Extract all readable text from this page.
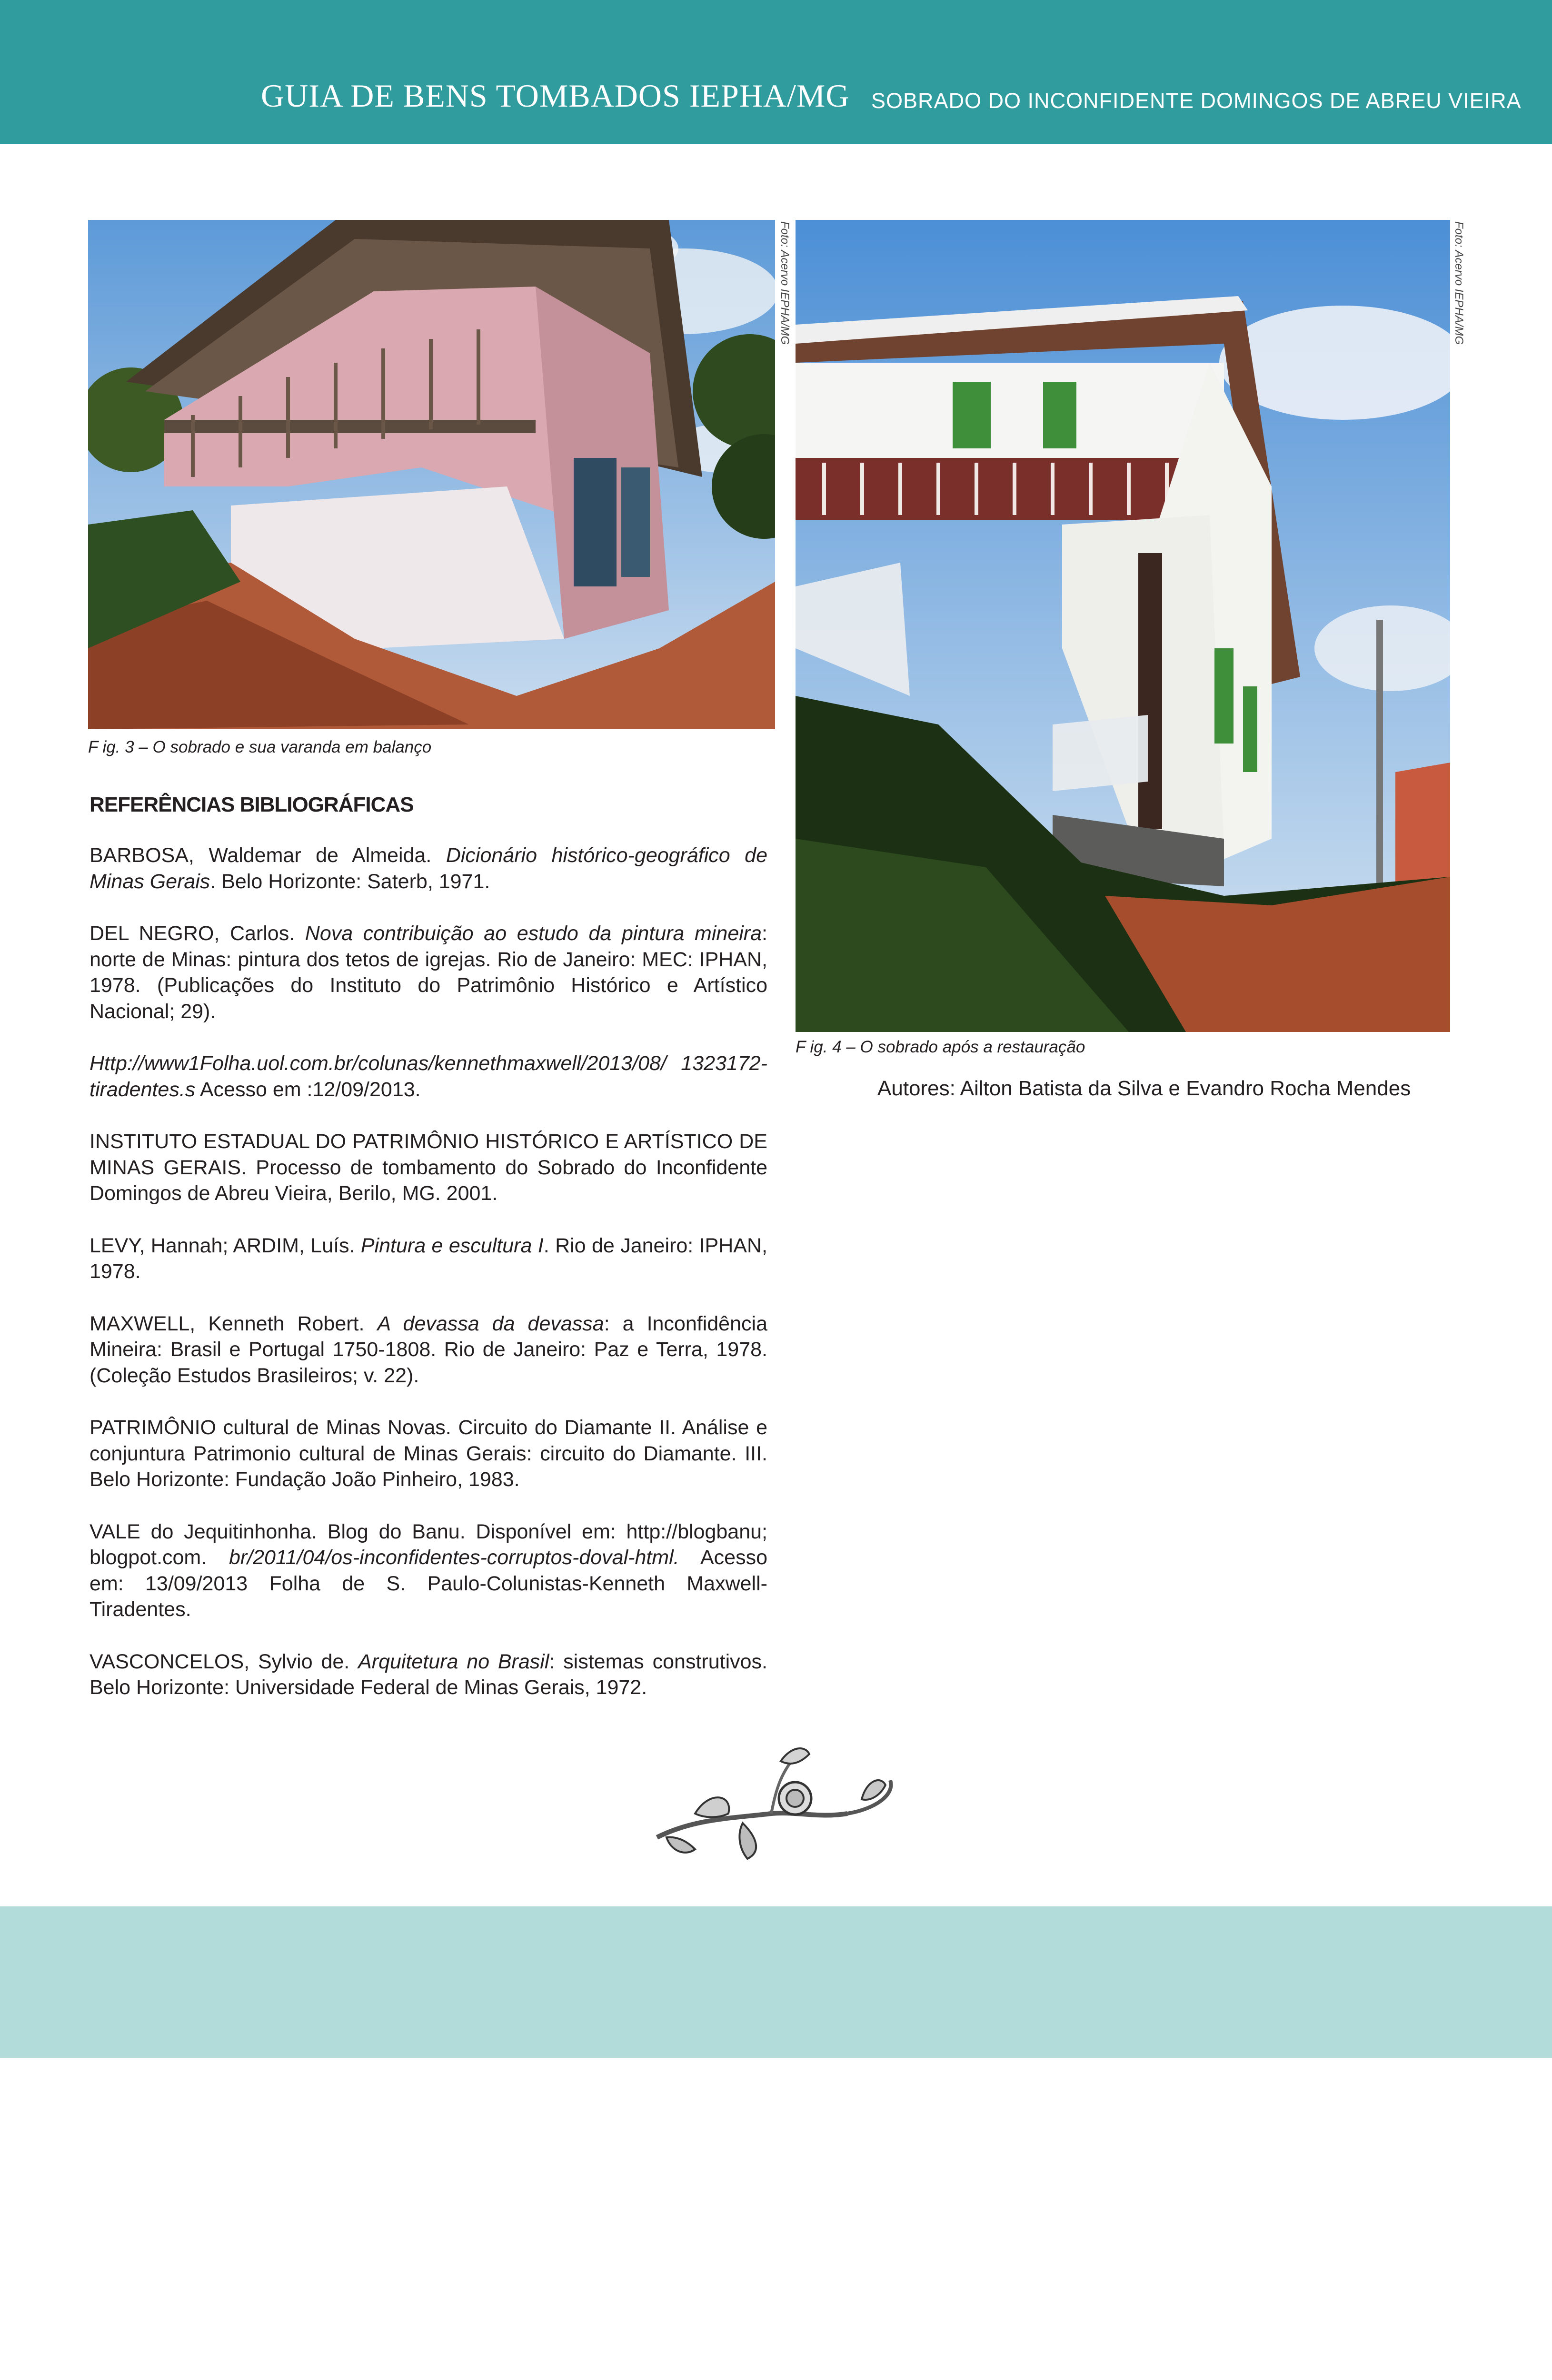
GUIA DE BENS TOMBADOS IEPHA/MG SOBRADO DO INCONFIDENTE DOMINGOS DE ABREU VIEIRA
Foto: Acervo IEPHA/MG
F ig. 3 – O sobrado e sua varanda em balanço
Foto: Acervo IEPHA/MG
F ig. 4 – O sobrado após a restauração
Autores: Ailton Batista da Silva e Evandro Rocha Mendes
REFERÊNCIAS BIBLIOGRÁFICAS

BARBOSA, Waldemar de Almeida. Dicionário histórico-geográfico de Minas Gerais. Belo Horizonte: Saterb, 1971.

DEL NEGRO, Carlos. Nova contribuição ao estudo da pintura mineira: norte de Minas: pintura dos tetos de igrejas. Rio de Janeiro: MEC: IPHAN, 1978. (Publicações do Instituto do Patrimônio Histórico e Artístico Nacional; 29).

Http://www1Folha.uol.com.br/colunas/kennethmaxwell/2013/08/ 1323172-tiradentes.s Acesso em :12/09/2013.

INSTITUTO ESTADUAL DO PATRIMÔNIO HISTÓRICO E ARTÍSTICO DE MINAS GERAIS. Processo de tombamento do Sobrado do Inconfidente Domingos de Abreu Vieira, Berilo, MG. 2001.

LEVY, Hannah; ARDIM, Luís. Pintura e escultura I. Rio de Janeiro: IPHAN, 1978.

MAXWELL, Kenneth Robert. A devassa da devassa: a Inconfidência Mineira: Brasil e Portugal 1750-1808. Rio de Janeiro: Paz e Terra, 1978. (Coleção Estudos Brasileiros; v. 22).

PATRIMÔNIO cultural de Minas Novas. Circuito do Diamante II. Análise e conjuntura Patrimonio cultural de Minas Gerais: circuito do Diamante. III. Belo Horizonte: Fundação João Pinheiro, 1983.

VALE do Jequitinhonha. Blog do Banu. Disponível em: http://blogbanu; blogpot.com. br/2011/04/os-inconfidentes-corruptos-doval-html. Acesso em: 13/09/2013 Folha de S. Paulo-Colunistas-Kenneth Maxwell-Tiradentes.

VASCONCELOS, Sylvio de. Arquitetura no Brasil: sistemas construtivos. Belo Horizonte: Universidade Federal de Minas Gerais, 1972.
